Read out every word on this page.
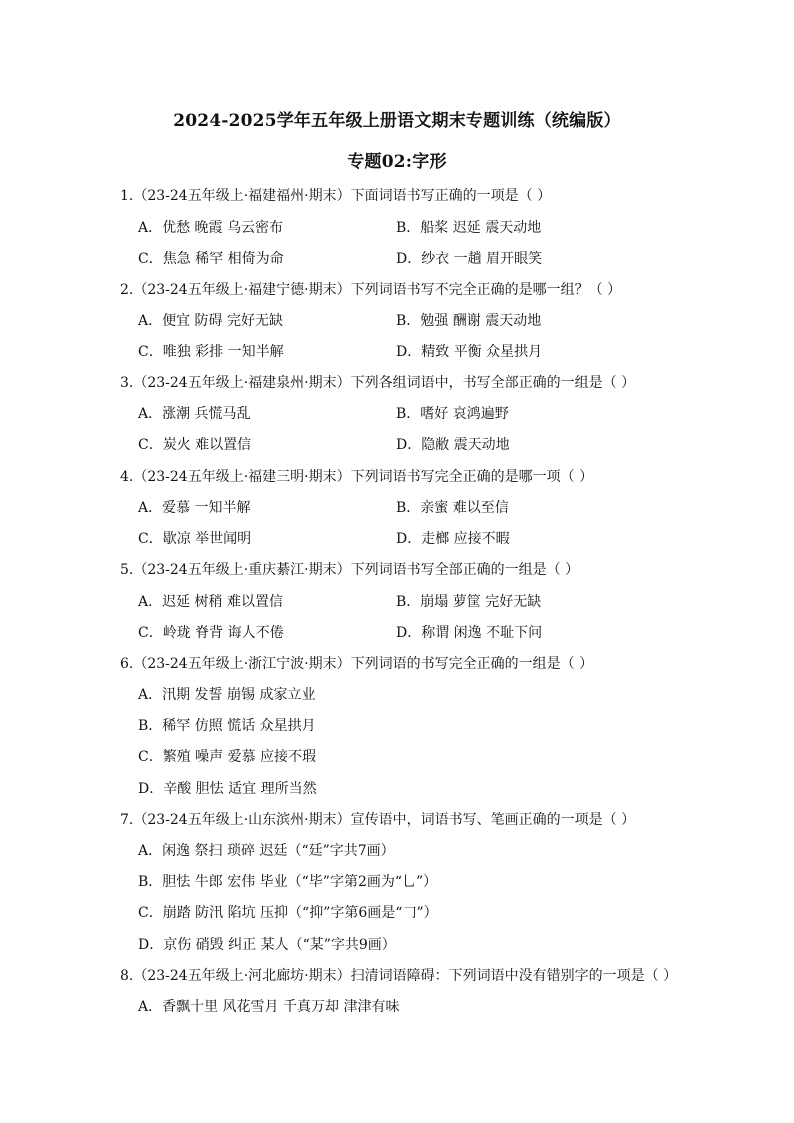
2024-2025学年五年级上册语文期末专题训练（统编版）
专题02:字形
1.（23-24五年级上·福建福州·期末）下面词语书写正确的一项是（ ）
A．优愁 晚霞 乌云密布	B．船桨 迟延 震天动地
C．焦急 稀罕 相倚为命	D．纱衣 一趟 眉开眼笑
2.（23-24五年级上·福建宁德·期末）下列词语书写不完全正确的是哪一组？（ ）
A．便宜 防碍 完好无缺	B．勉强 酬谢 震天动地
C．唯独 彩排 一知半解	D．精致 平衡 众星拱月
3.（23-24五年级上·福建泉州·期末）下列各组词语中，书写全部正确的一组是（ ）
A．涨潮 兵慌马乱	B．嗜好 哀鸿遍野
C．炭火 难以置信	D．隐敝 震天动地
4.（23-24五年级上·福建三明·期末）下列词语书写完全正确的是哪一项（ ）
A．爱慕 一知半解	B．亲蜜 难以至信
C．歇凉 举世闻明	D．走榔 应接不暇
5.（23-24五年级上·重庆綦江·期末）下列词语书写全部正确的一组是（ ）
A．迟延 树稍 难以置信	B．崩塌 萝筐 完好无缺
C．岭珑 脊背 诲人不倦	D．称谓 闲逸 不耻下问
6.（23-24五年级上·浙江宁波·期末）下列词语的书写完全正确的一组是（ ）
A．汛期 发誓 崩锡 成家立业
B．稀罕 仿照 慌话 众星拱月
C．繁殖 噪声 爱慕 应接不瑕
D．辛酸 胆怯 适宜 理所当然
7.（23-24五年级上·山东滨州·期末）宣传语中，词语书写、笔画正确的一项是（ ）
A．闲逸 祭扫 琐碎 迟廷（“廷”字共7画）
B．胆怯 牛郎 宏伟 毕业（“毕”字第2画为“乚”）
C．崩踏 防汛 陷坑 压抑（“抑”字第6画是“𠃌”）
D．京伤 硝毁 纠正 某人（“某”字共9画）
8.（23-24五年级上·河北廊坊·期末）扫清词语障碍：下列词语中没有错别字的一项是（ ）
A．香飘十里 风花雪月 千真万却 津津有味
